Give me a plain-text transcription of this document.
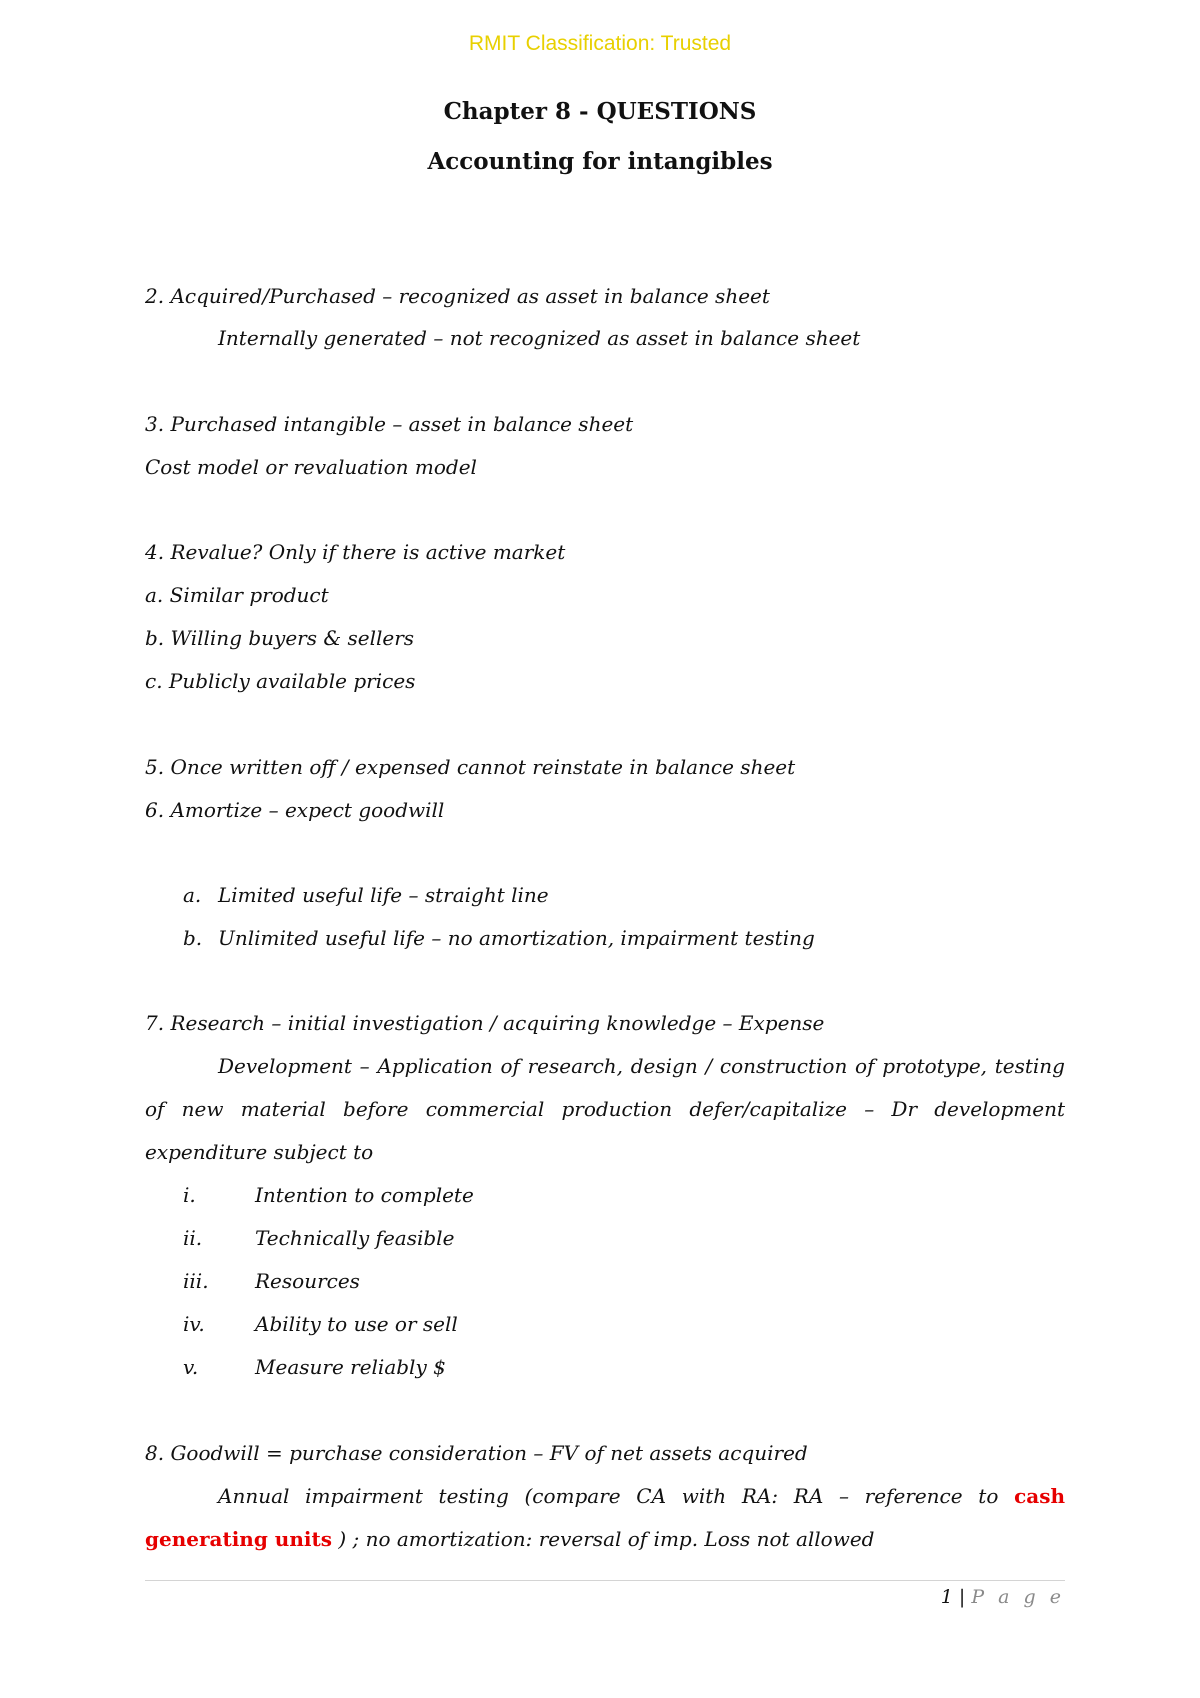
RMIT Classification: Trusted
Chapter 8 - QUESTIONS
Accounting for intangibles
2. Acquired/Purchased – recognized as asset in balance sheet
Internally generated – not recognized as asset in balance sheet
3. Purchased intangible – asset in balance sheet
Cost model or revaluation model
4. Revalue? Only if there is active market
a. Similar product
b. Willing buyers & sellers
c. Publicly available prices
5. Once written off / expensed cannot reinstate in balance sheet
6. Amortize – expect goodwill
a. Limited useful life – straight line
b. Unlimited useful life – no amortization, impairment testing
7. Research – initial investigation / acquiring knowledge – Expense
Development – Application of research, design / construction of prototype, testing
of new material before commercial production defer/capitalize – Dr development
expenditure subject to
i.	Intention to complete
ii.	Technically feasible
iii. Resources
iv.	Ability to use or sell
v.	Measure reliably $
8. Goodwill = purchase consideration – FV of net assets acquired
Annual impairment testing (compare CA with RA: RA – reference to cash
generating units ) ; no amortization: reversal of imp. Loss not allowed
1 | P a g e
